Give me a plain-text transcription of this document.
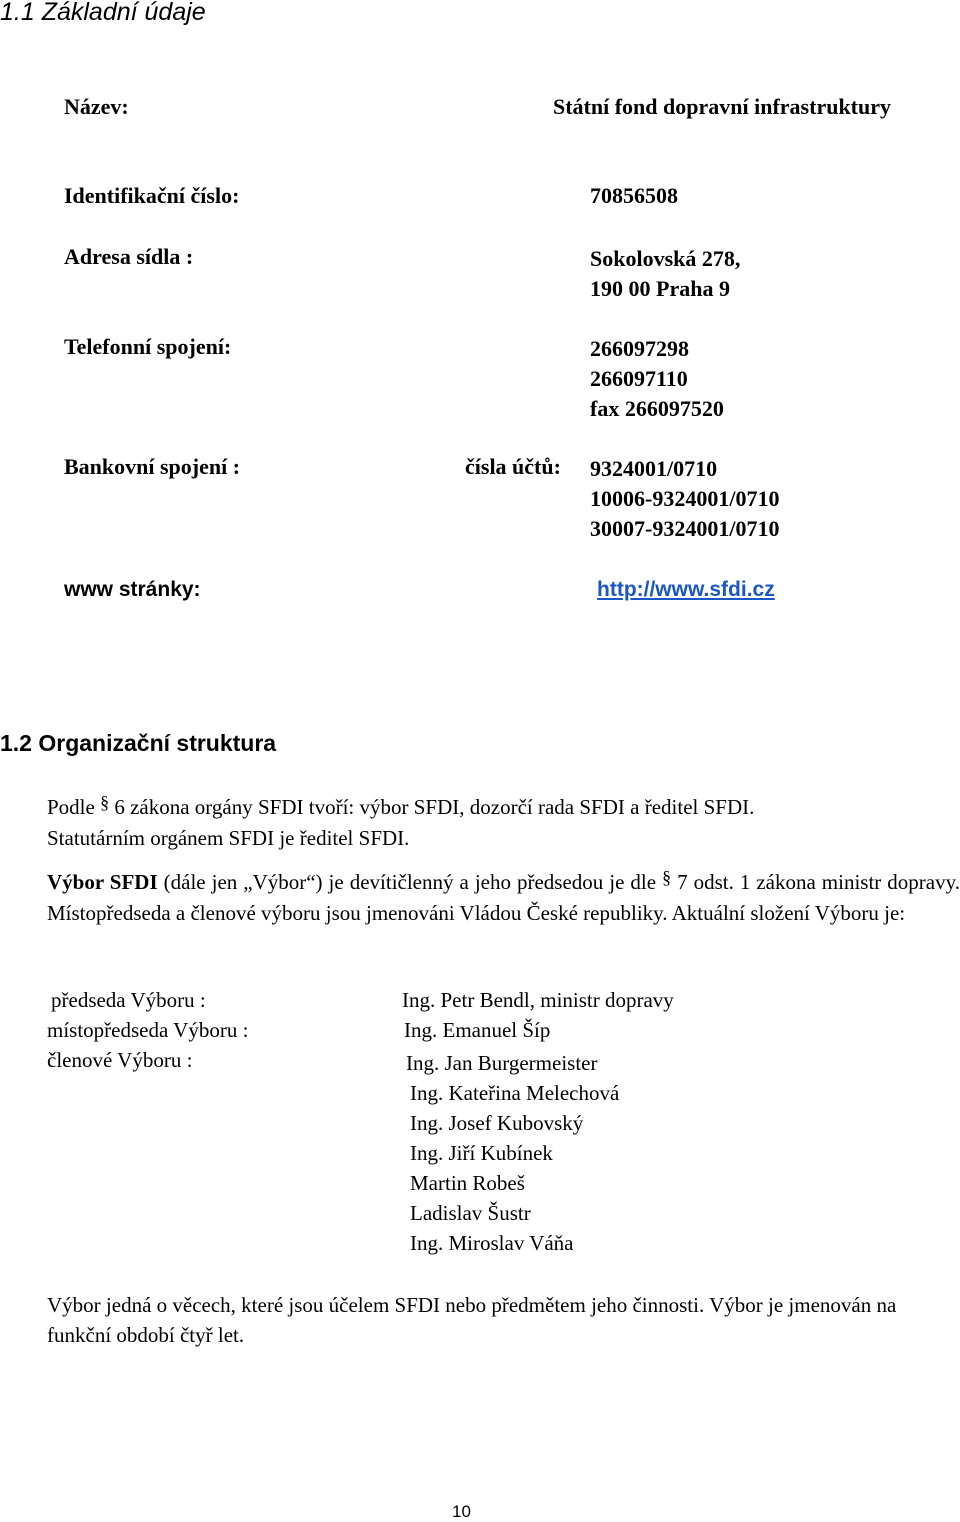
1.1 Základní údaje
Název:	Státní fond dopravní infrastruktury
Identifikační číslo:	70856508
Adresa sídla :	Sokolovská 278,
190 00 Praha 9
Telefonní spojení:	266097298
266097110
fax 266097520
Bankovní spojení :	čísla účtů: 9324001/0710
10006-9324001/0710
30007-9324001/0710
www stránky:	http://www.sfdi.cz
1.2 Organizační struktura
Podle § 6 zákona orgány SFDI tvoří: výbor SFDI, dozorčí rada SFDI a ředitel SFDI.
Statutárním orgánem SFDI je ředitel SFDI.
Výbor SFDI (dále jen „Výbor“) je devítičlenný a jeho předsedou je dle § 7 odst. 1 zákona ministr dopravy. Místopředseda a členové výboru jsou jmenováni Vládou České republiky. Aktuální složení Výboru je:
předseda Výboru :	Ing. Petr Bendl, ministr dopravy
místopředseda Výboru :	Ing. Emanuel Šíp
členové Výboru :	Ing. Jan Burgermeister
Ing. Kateřina Melechová
Ing. Josef Kubovský
Ing. Jiří Kubínek
Martin Robeš
Ladislav Šustr
Ing. Miroslav Váňa
Výbor jedná o věcech, které jsou účelem SFDI nebo předmětem jeho činnosti. Výbor je jmenován na funkční období čtyř let.
10
